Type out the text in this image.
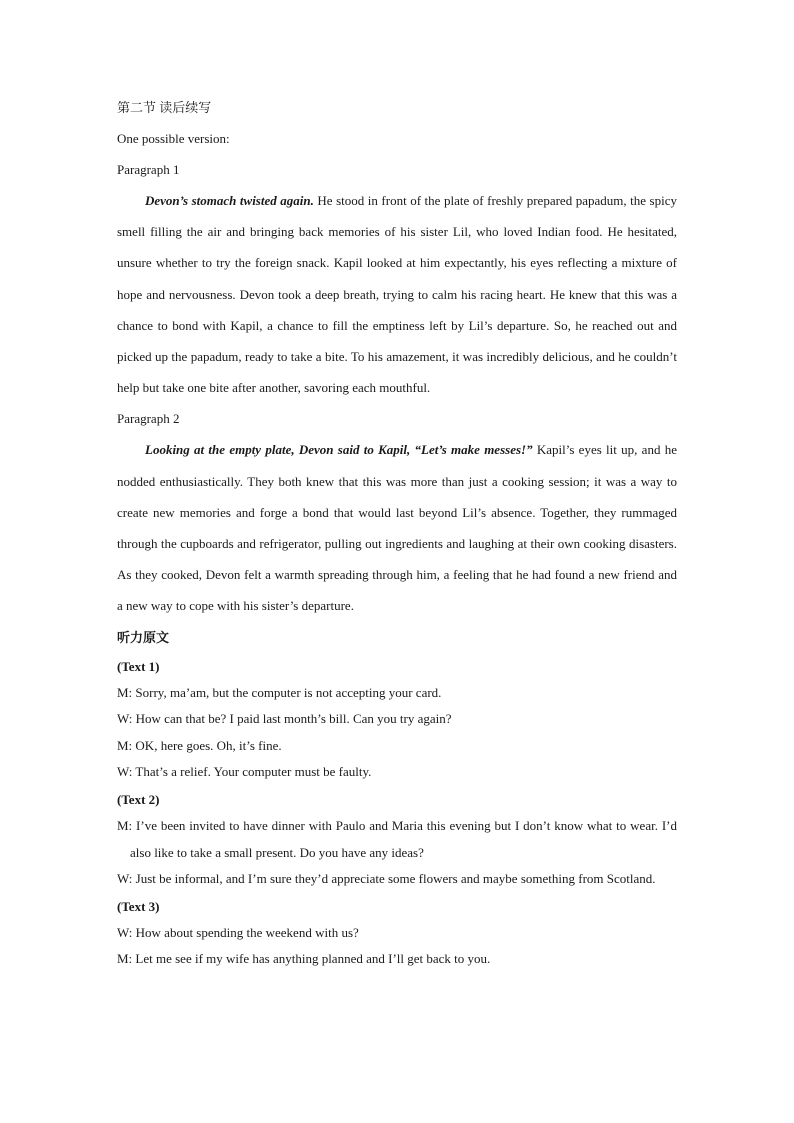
第二节 读后续写

One possible version:

Paragraph 1

Devon’s stomach twisted again. He stood in front of the plate of freshly prepared papadum, the spicy smell filling the air and bringing back memories of his sister Lil, who loved Indian food. He hesitated, unsure whether to try the foreign snack. Kapil looked at him expectantly, his eyes reflecting a mixture of hope and nervousness. Devon took a deep breath, trying to calm his racing heart. He knew that this was a chance to bond with Kapil, a chance to fill the emptiness left by Lil’s departure. So, he reached out and picked up the papadum, ready to take a bite. To his amazement, it was incredibly delicious, and he couldn’t help but take one bite after another, savoring each mouthful.

Paragraph 2

Looking at the empty plate, Devon said to Kapil, “Let’s make messes!” Kapil’s eyes lit up, and he nodded enthusiastically. They both knew that this was more than just a cooking session; it was a way to create new memories and forge a bond that would last beyond Lil’s absence. Together, they rummaged through the cupboards and refrigerator, pulling out ingredients and laughing at their own cooking disasters. As they cooked, Devon felt a warmth spreading through him, a feeling that he had found a new friend and a new way to cope with his sister’s departure.

听力原文

(Text 1)

M: Sorry, ma’am, but the computer is not accepting your card.

W: How can that be? I paid last month’s bill. Can you try again?

M: OK, here goes. Oh, it’s fine.

W: That’s a relief. Your computer must be faulty.

(Text 2)

M: I’ve been invited to have dinner with Paulo and Maria this evening but I don’t know what to wear. I’d also like to take a small present. Do you have any ideas?

W: Just be informal, and I’m sure they’d appreciate some flowers and maybe something from Scotland.

(Text 3)

W: How about spending the weekend with us?

M: Let me see if my wife has anything planned and I’ll get back to you.
